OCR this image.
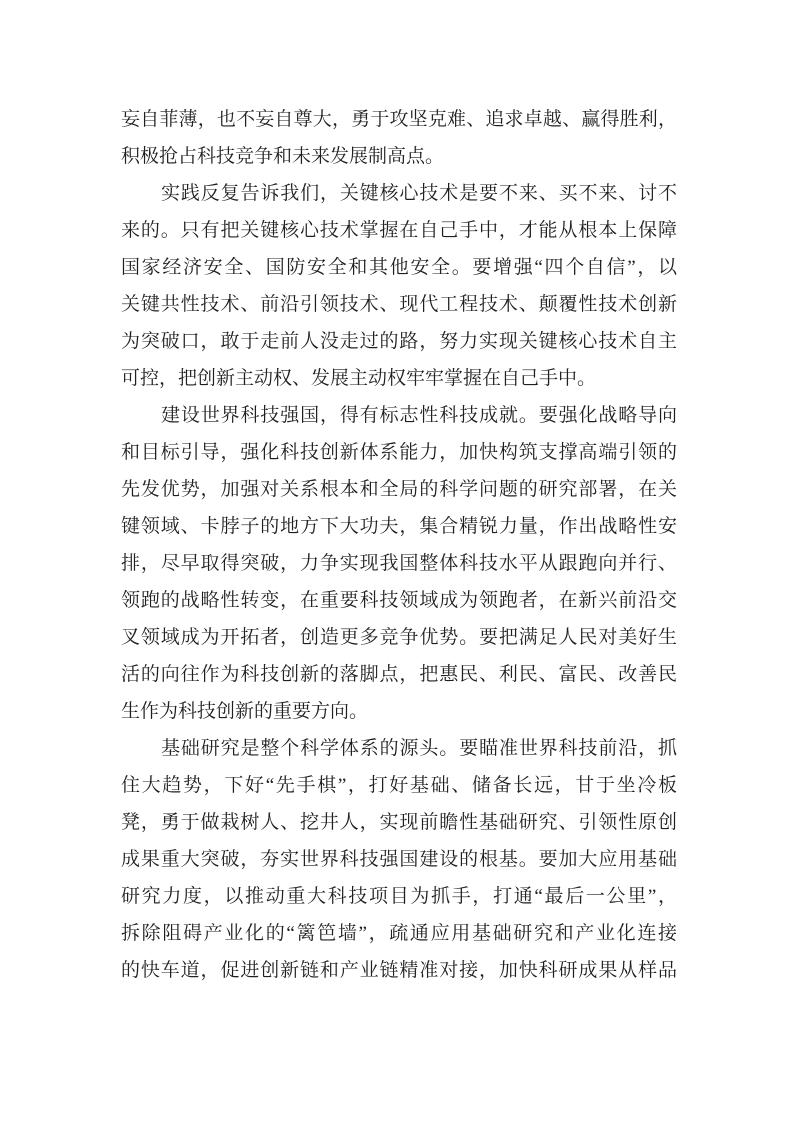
妄自菲薄，也不妄自尊大，勇于攻坚克难、追求卓越、赢得胜利，
积极抢占科技竞争和未来发展制高点。
实践反复告诉我们，关键核心技术是要不来、买不来、讨不
来的。只有把关键核心技术掌握在自己手中，才能从根本上保障
国家经济安全、国防安全和其他安全。要增强“四个自信”，以
关键共性技术、前沿引领技术、现代工程技术、颠覆性技术创新
为突破口，敢于走前人没走过的路，努力实现关键核心技术自主
可控，把创新主动权、发展主动权牢牢掌握在自己手中。
建设世界科技强国，得有标志性科技成就。要强化战略导向
和目标引导，强化科技创新体系能力，加快构筑支撑高端引领的
先发优势，加强对关系根本和全局的科学问题的研究部署，在关
键领域、卡脖子的地方下大功夫，集合精锐力量，作出战略性安
排，尽早取得突破，力争实现我国整体科技水平从跟跑向并行、
领跑的战略性转变，在重要科技领域成为领跑者，在新兴前沿交
叉领域成为开拓者，创造更多竞争优势。要把满足人民对美好生
活的向往作为科技创新的落脚点，把惠民、利民、富民、改善民
生作为科技创新的重要方向。
基础研究是整个科学体系的源头。要瞄准世界科技前沿，抓
住大趋势，下好“先手棋”，打好基础、储备长远，甘于坐冷板
凳，勇于做栽树人、挖井人，实现前瞻性基础研究、引领性原创
成果重大突破，夯实世界科技强国建设的根基。要加大应用基础
研究力度，以推动重大科技项目为抓手，打通“最后一公里”，
拆除阻碍产业化的“篱笆墙”，疏通应用基础研究和产业化连接
的快车道，促进创新链和产业链精准对接，加快科研成果从样品
